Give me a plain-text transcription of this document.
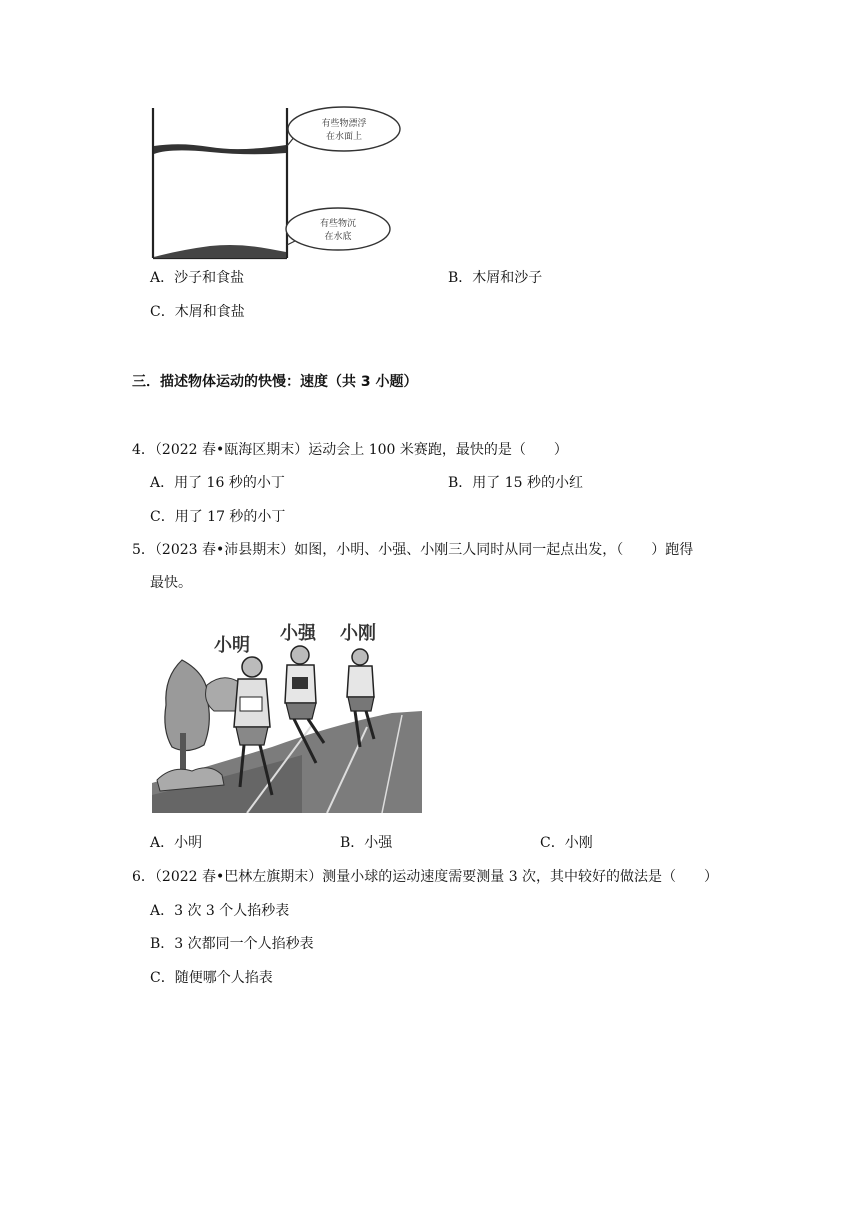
有些物漂浮
在水面上
有些物沉
在水底
A．沙子和食盐	B．木屑和沙子
C．木屑和食盐
三．描述物体运动的快慢：速度（共 3 小题）
4．（2022 春•瓯海区期末）运动会上 100 米赛跑，最快的是（　　）
A．用了 16 秒的小丁	B．用了 15 秒的小红
C．用了 17 秒的小丁
5．（2023 春•沛县期末）如图，小明、小强、小刚三人同时从同一起点出发，（　　）跑得
最快。
小明
小强 小刚
A．小明	B．小强	C．小刚
6．（2022 春•巴林左旗期末）测量小球的运动速度需要测量 3 次，其中较好的做法是（　　）
A．3 次 3 个人掐秒表
B．3 次都同一个人掐秒表
C．随便哪个人掐表
